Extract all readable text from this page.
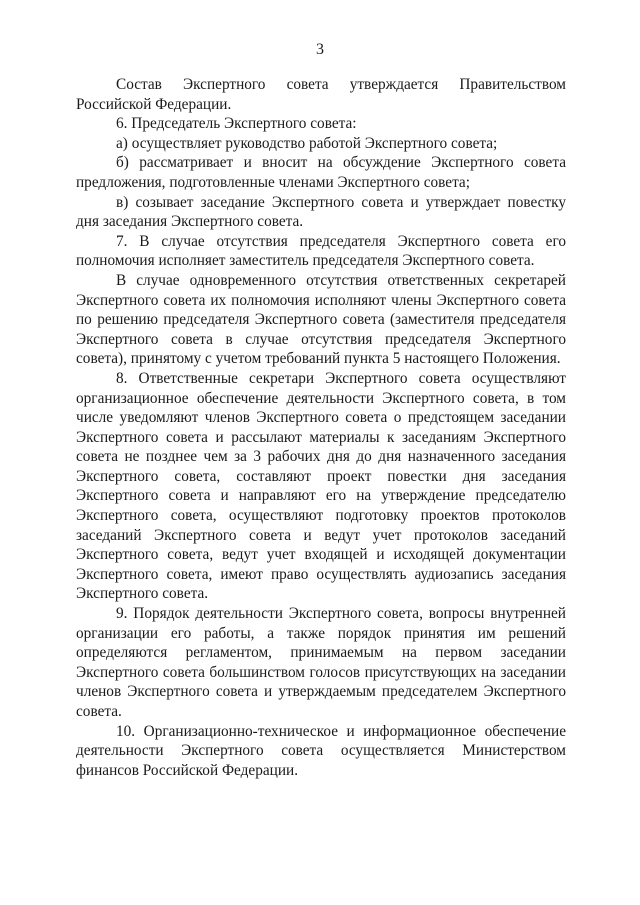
3

Состав Экспертного совета утверждается Правительством Российской Федерации.

6. Председатель Экспертного совета:

а) осуществляет руководство работой Экспертного совета;

б) рассматривает и вносит на обсуждение Экспертного совета предложения, подготовленные членами Экспертного совета;

в) созывает заседание Экспертного совета и утверждает повестку дня заседания Экспертного совета.

7. В случае отсутствия председателя Экспертного совета его полномочия исполняет заместитель председателя Экспертного совета.

В случае одновременного отсутствия ответственных секретарей Экспертного совета их полномочия исполняют члены Экспертного совета по решению председателя Экспертного совета (заместителя председателя Экспертного совета в случае отсутствия председателя Экспертного совета), принятому с учетом требований пункта 5 настоящего Положения.

8. Ответственные секретари Экспертного совета осуществляют организационное обеспечение деятельности Экспертного совета, в том числе уведомляют членов Экспертного совета о предстоящем заседании Экспертного совета и рассылают материалы к заседаниям Экспертного совета не позднее чем за 3 рабочих дня до дня назначенного заседания Экспертного совета, составляют проект повестки дня заседания Экспертного совета и направляют его на утверждение председателю Экспертного совета, осуществляют подготовку проектов протоколов заседаний Экспертного совета и ведут учет протоколов заседаний Экспертного совета, ведут учет входящей и исходящей документации Экспертного совета, имеют право осуществлять аудиозапись заседания Экспертного совета.

9. Порядок деятельности Экспертного совета, вопросы внутренней организации его работы, а также порядок принятия им решений определяются регламентом, принимаемым на первом заседании Экспертного совета большинством голосов присутствующих на заседании членов Экспертного совета и утверждаемым председателем Экспертного совета.

10. Организационно-техническое и информационное обеспечение деятельности Экспертного совета осуществляется Министерством финансов Российской Федерации.
